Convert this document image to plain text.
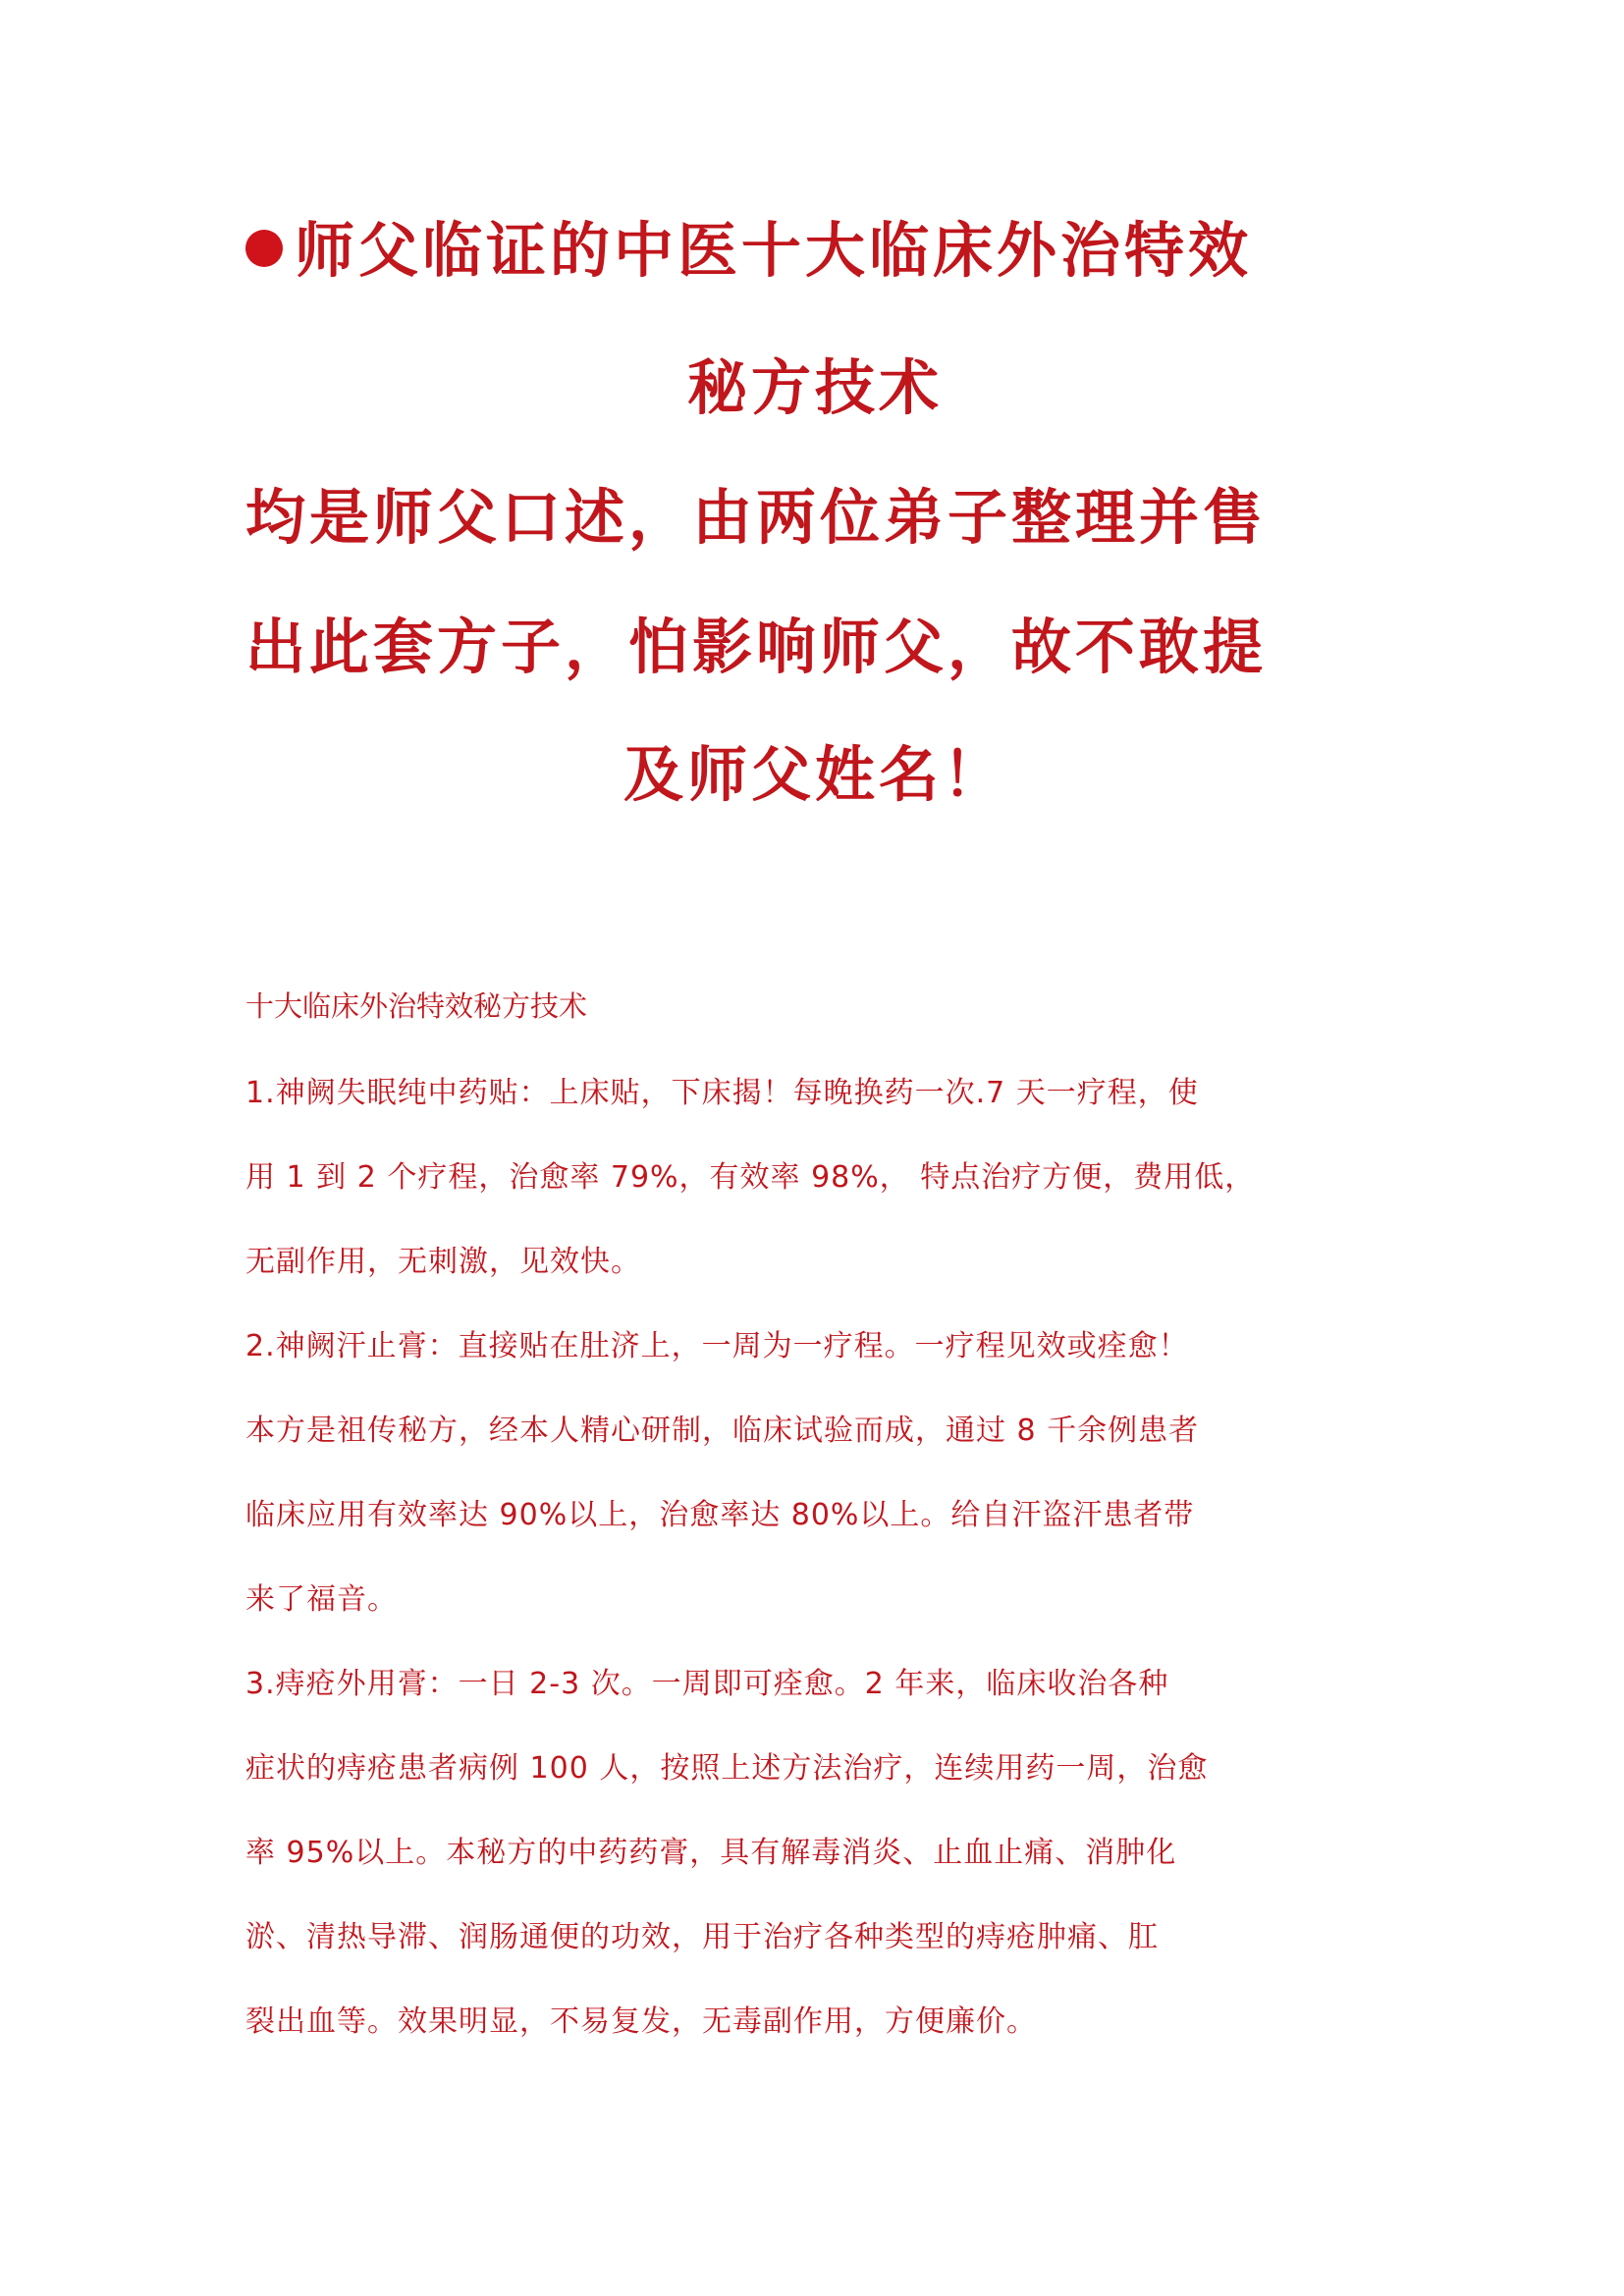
师父临证的中医十大临床外治特效
秘方技术
均是师父口述，由两位弟子整理并售
出此套方子，怕影响师父，故不敢提
及师父姓名！
十大临床外治特效秘方技术
1.神阙失眠纯中药贴：上床贴，下床揭！每晚换药一次.7 天一疗程，使
用 1 到 2 个疗程，治愈率 79%，有效率 98%， 特点治疗方便，费用低，
无副作用，无刺激，见效快。
2.神阙汗止膏：直接贴在肚济上，一周为一疗程。一疗程见效或痊愈！
本方是祖传秘方，经本人精心研制，临床试验而成，通过 8 千余例患者
临床应用有效率达 90%以上，治愈率达 80%以上。给自汗盗汗患者带
来了福音。
3.痔疮外用膏：一日 2-3 次。一周即可痊愈。2 年来，临床收治各种
症状的痔疮患者病例 100 人，按照上述方法治疗，连续用药一周，治愈
率 95%以上。本秘方的中药药膏，具有解毒消炎、止血止痛、消肿化
淤、清热导滞、润肠通便的功效，用于治疗各种类型的痔疮肿痛、肛
裂出血等。效果明显，不易复发，无毒副作用，方便廉价。
